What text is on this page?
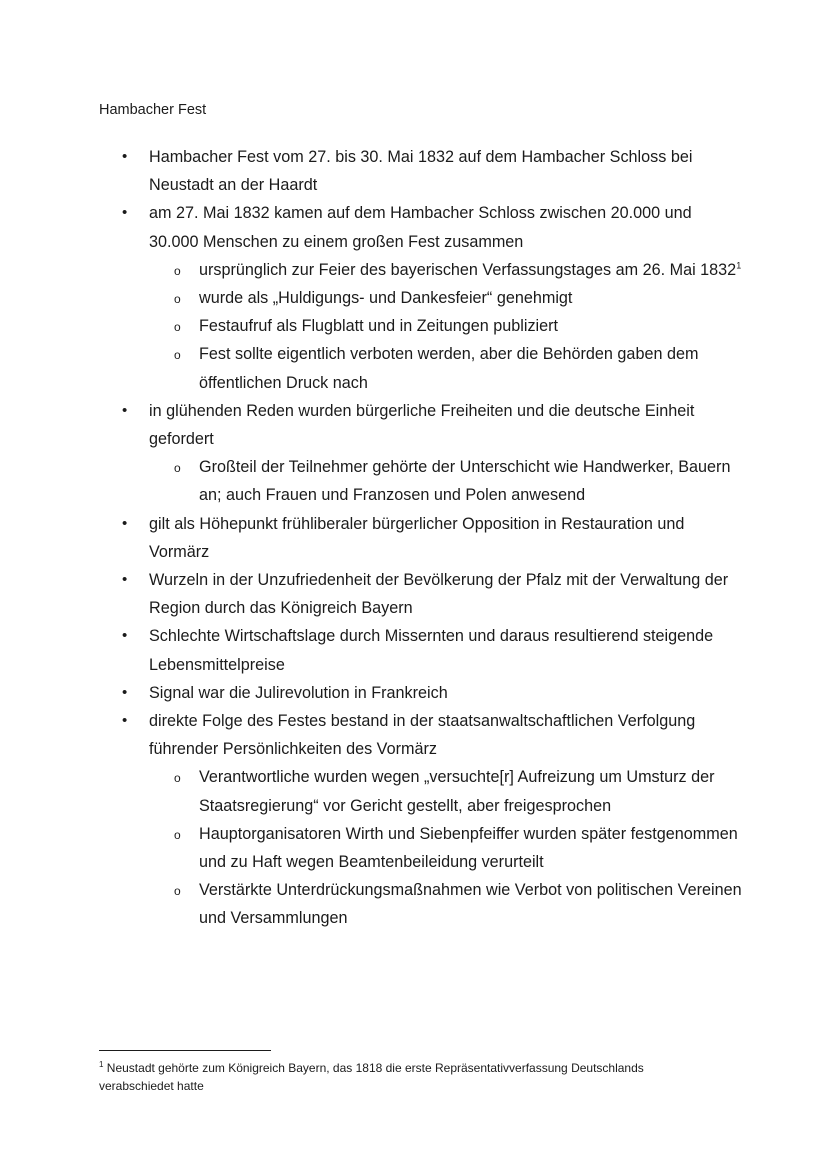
Hambacher Fest
• Hambacher Fest vom 27. bis 30. Mai 1832 auf dem Hambacher Schloss bei Neustadt an der Haardt
• am 27. Mai 1832 kamen auf dem Hambacher Schloss zwischen 20.000 und 30.000 Menschen zu einem großen Fest zusammen
o ursprünglich zur Feier des bayerischen Verfassungstages am 26. Mai 1832$^1$
o wurde als „Huldigungs- und Dankesfeier“ genehmigt
o Festaufruf als Flugblatt und in Zeitungen publiziert
o Fest sollte eigentlich verboten werden, aber die Behörden gaben dem öffentlichen Druck nach
• in glühenden Reden wurden bürgerliche Freiheiten und die deutsche Einheit gefordert
o Großteil der Teilnehmer gehörte der Unterschicht wie Handwerker, Bauern an; auch Frauen und Franzosen und Polen anwesend
• gilt als Höhepunkt frühliberaler bürgerlicher Opposition in Restauration und Vormärz
• Wurzeln in der Unzufriedenheit der Bevölkerung der Pfalz mit der Verwaltung der Region durch das Königreich Bayern
• Schlechte Wirtschaftslage durch Missernten und daraus resultierend steigende Lebensmittelpreise
• Signal war die Julirevolution in Frankreich
• direkte Folge des Festes bestand in der staatsanwaltschaftlichen Verfolgung führender Persönlichkeiten des Vormärz
o Verantwortliche wurden wegen „versuchte[r] Aufreizung um Umsturz der Staatsregierung“ vor Gericht gestellt, aber freigesprochen
o Hauptorganisatoren Wirth und Siebenpfeiffer wurden später festgenommen und zu Haft wegen Beamtenbeileidung verurteilt
o Verstärkte Unterdrückungsmaßnahmen wie Verbot von politischen Vereinen und Versammlungen

$^1$ Neustadt gehörte zum Königreich Bayern, das 1818 die erste Repräsentativverfassung Deutschlands verabschiedet hatte
